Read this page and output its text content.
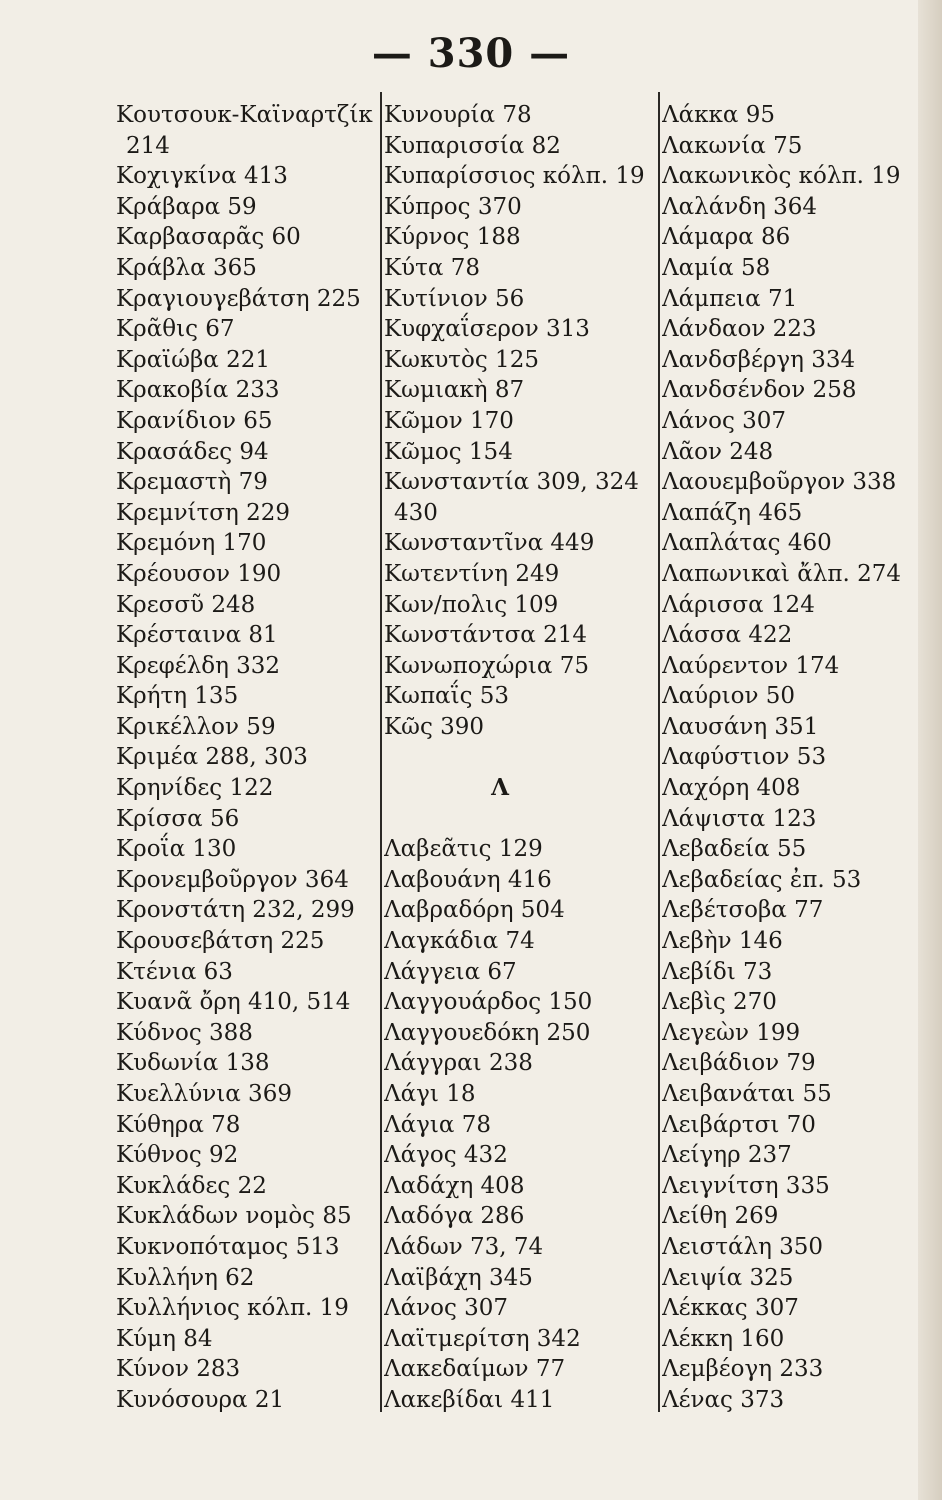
— 330 —
Κουτσουκ-Καϊναρτζίκ
214
Κοχιγκίνα 413
Κράβαρα 59
Καρβασαρᾶς 60
Κράβλα 365
Κραγιουγεβάτση 225
Κρᾶθις 67
Κραϊώβα 221
Κρακοβία 233
Κρανίδιον 65
Κρασάδες 94
Κρεμαστὴ 79
Κρεμνίτση 229
Κρεμόνη 170
Κρέουσον 190
Κρεσσῦ 248
Κρέσταινα 81
Κρεφέλδη 332
Κρήτη 135
Κρικέλλον 59
Κριμέα 288, 303
Κρηνίδες 122
Κρίσσα 56
Κροΐα 130
Κρονεμβοῦργον 364
Κρονστάτη 232, 299
Κρουσεβάτση 225
Κτένια 63
Κυανᾶ ὄρη 410, 514
Κύδνος 388
Κυδωνία 138
Κυελλύνια 369
Κύθηρα 78
Κύθνος 92
Κυκλάδες 22
Κυκλάδων νομὸς 85
Κυκνοπόταμος 513
Κυλλήνη 62
Κυλλήνιος κόλπ. 19
Κύμη 84
Κύνον 283
Κυνόσουρα 21
Κυνουρία 78
Κυπαρισσία 82
Κυπαρίσσιος κόλπ. 19
Κύπρος 370
Κύρνος 188
Κύτα 78
Κυτίνιον 56
Κυφχαΐσερον 313
Κωκυτὸς 125
Κωμιακὴ 87
Κῶμον 170
Κῶμος 154
Κωνσταντία 309, 324
430
Κωνσταντῖνα 449
Κωτεντίνη 249
Κων/πολις 109
Κωνστάντσα 214
Κωνωποχώρια 75
Κωπαΐς 53
Κῶς 390
Λ
Λαβεᾶτις 129
Λαβουάνη 416
Λαβραδόρη 504
Λαγκάδια 74
Λάγγεια 67
Λαγγουάρδος 150
Λαγγουεδόκη 250
Λάγγραι 238
Λάγι 18
Λάγια 78
Λάγος 432
Λαδάχη 408
Λαδόγα 286
Λάδων 73, 74
Λαϊβάχη 345
Λάνος 307
Λαϊτμερίτση 342
Λακεδαίμων 77
Λακεβίδαι 411
Λάκκα 95
Λακωνία 75
Λακωνικὸς κόλπ. 19
Λαλάνδη 364
Λάμαρα 86
Λαμία 58
Λάμπεια 71
Λάνδαον 223
Λανδσβέργη 334
Λανδσένδον 258
Λάνος 307
Λᾶον 248
Λαουεμβοῦργον 338
Λαπάζη 465
Λαπλάτας 460
Λαπωνικαὶ ἄλπ. 274
Λάρισσα 124
Λάσσα 422
Λαύρεντον 174
Λαύριον 50
Λαυσάνη 351
Λαφύστιον 53
Λαχόρη 408
Λάψιστα 123
Λεβαδεία 55
Λεβαδείας ἐπ. 53
Λεβέτσοβα 77
Λεβὴν 146
Λεβίδι 73
Λεβὶς 270
Λεγεὼν 199
Λειβάδιον 79
Λειβανάται 55
Λειβάρτσι 70
Λείγηρ 237
Λειγνίτση 335
Λείθη 269
Λειστάλη 350
Λειψία 325
Λέκκας 307
Λέκκη 160
Λεμβέογη 233
Λένας 373
